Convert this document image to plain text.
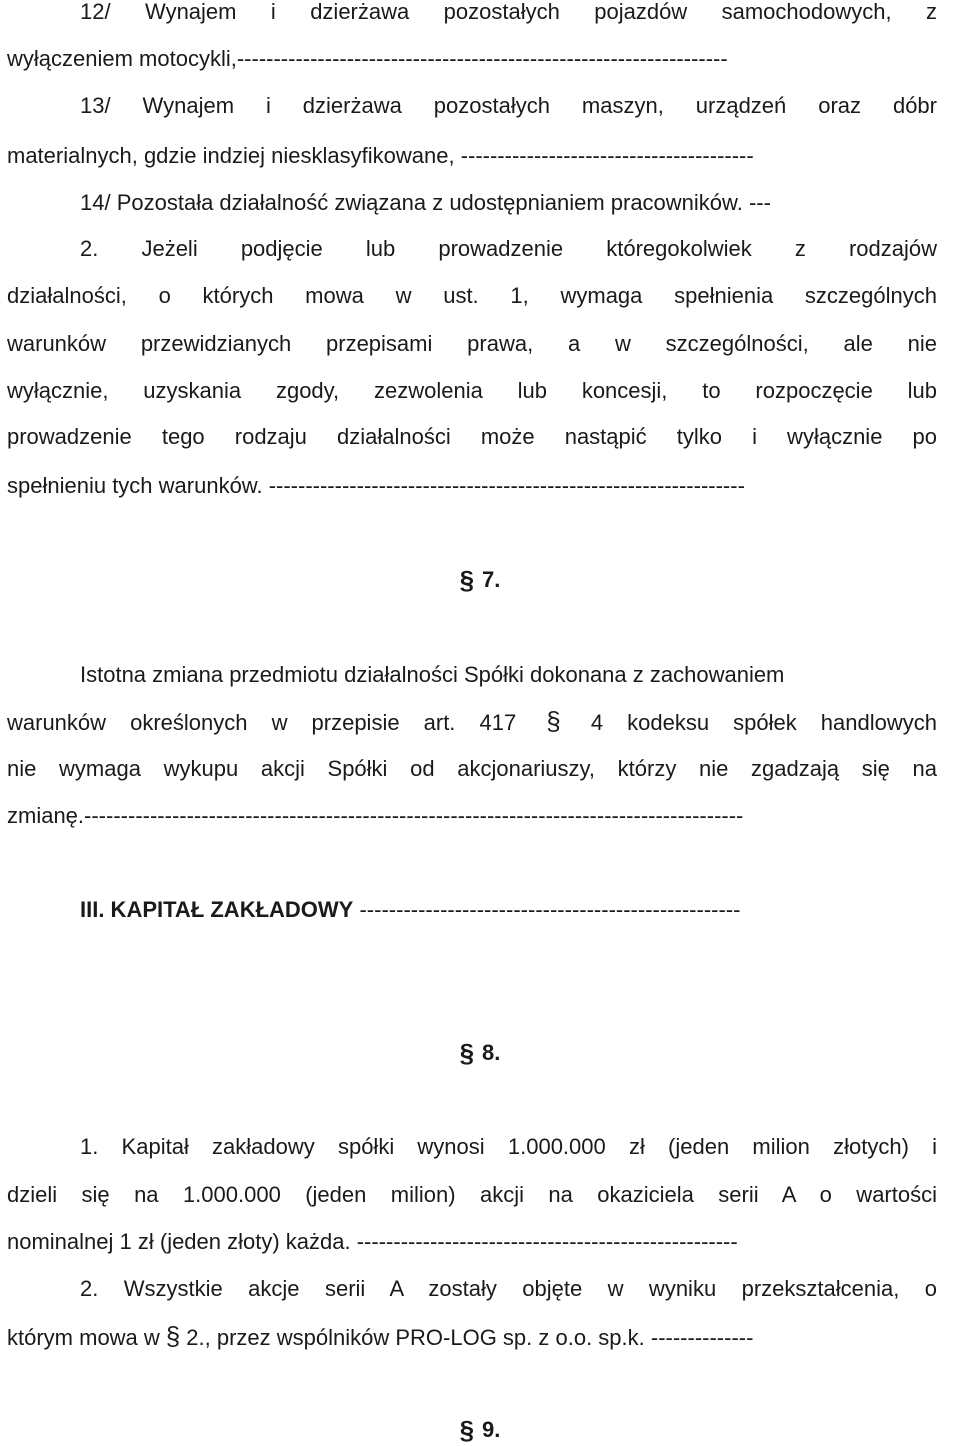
12/ Wynajem i dzierżawa pozostałych pojazdów samochodowych, z
wyłączeniem motocykli,-------------------------------------------------------------------
13/ Wynajem i dzierżawa pozostałych maszyn, urządzeń oraz dóbr
materialnych, gdzie indziej niesklasyfikowane, ----------------------------------------
14/ Pozostała działalność związana z udostępnianiem pracowników. ---
2. Jeżeli podjęcie lub prowadzenie któregokolwiek z rodzajów
działalności, o których mowa w ust. 1, wymaga spełnienia szczególnych
warunków przewidzianych przepisami prawa, a w szczególności, ale nie
wyłącznie, uzyskania zgody, zezwolenia lub koncesji, to rozpoczęcie lub
prowadzenie tego rodzaju działalności może nastąpić tylko i wyłącznie po
spełnieniu tych warunków. -----------------------------------------------------------------
§ 7.
Istotna zmiana przedmiotu działalności Spółki dokonana z zachowaniem
warunków określonych w przepisie art. 417 § 4 kodeksu spółek handlowych
nie wymaga wykupu akcji Spółki od akcjonariuszy, którzy nie zgadzają się na
zmianę.------------------------------------------------------------------------------------------
III. KAPITAŁ ZAKŁADOWY ----------------------------------------------------
§ 8.
1. Kapitał zakładowy spółki wynosi 1.000.000 zł (jeden milion złotych) i
dzieli się na 1.000.000 (jeden milion) akcji na okaziciela serii A o wartości
nominalnej 1 zł (jeden złoty) każda. ----------------------------------------------------
2. Wszystkie akcje serii A zostały objęte w wyniku przekształcenia, o
którym mowa w § 2., przez wspólników PRO-LOG sp. z o.o. sp.k. --------------
§ 9.
